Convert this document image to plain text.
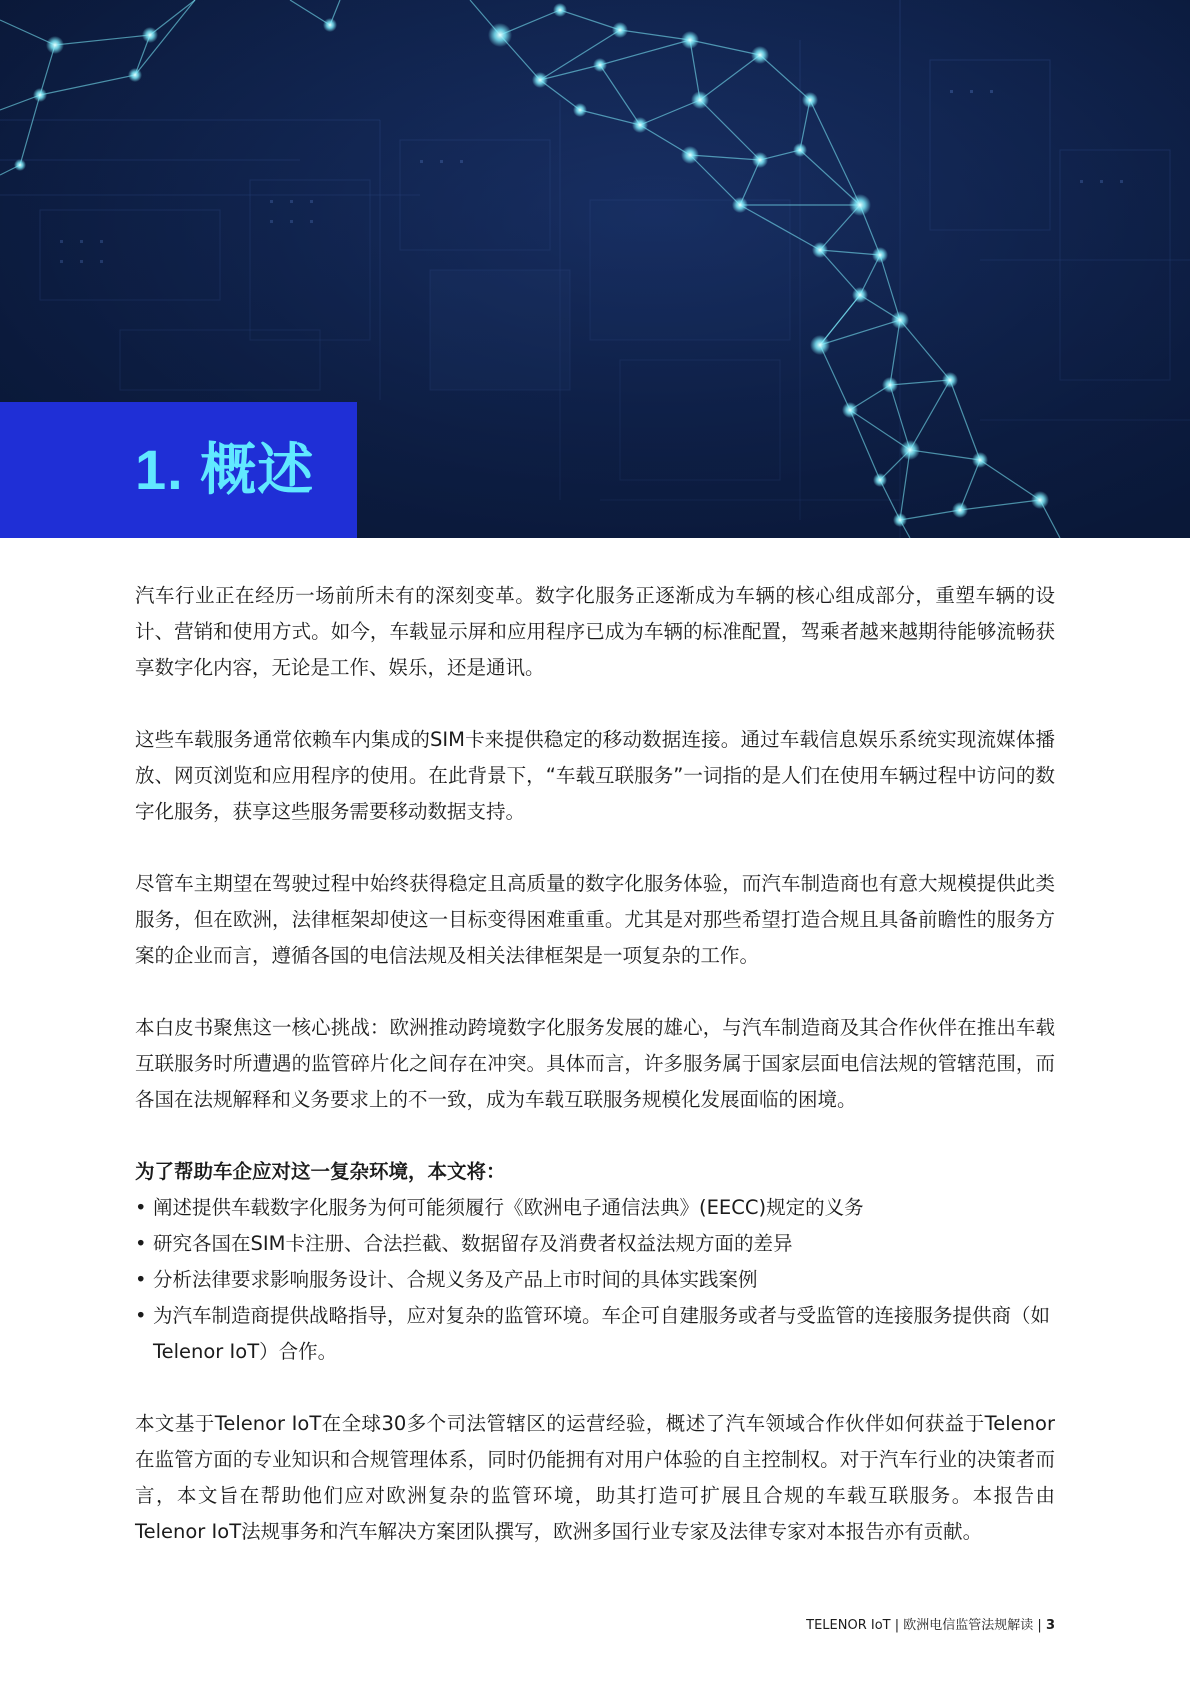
1. 概述

汽车行业正在经历一场前所未有的深刻变革。数字化服务正逐渐成为车辆的核心组成部分，重塑车辆的设计、营销和使用方式。如今，车载显示屏和应用程序已成为车辆的标准配置，驾乘者越来越期待能够流畅获享数字化内容，无论是工作、娱乐，还是通讯。

这些车载服务通常依赖车内集成的SIM卡来提供稳定的移动数据连接。通过车载信息娱乐系统实现流媒体播放、网页浏览和应用程序的使用。在此背景下，“车载互联服务”一词指的是人们在使用车辆过程中访问的数字化服务，获享这些服务需要移动数据支持。

尽管车主期望在驾驶过程中始终获得稳定且高质量的数字化服务体验，而汽车制造商也有意大规模提供此类服务，但在欧洲，法律框架却使这一目标变得困难重重。尤其是对那些希望打造合规且具备前瞻性的服务方案的企业而言，遵循各国的电信法规及相关法律框架是一项复杂的工作。

本白皮书聚焦这一核心挑战：欧洲推动跨境数字化服务发展的雄心，与汽车制造商及其合作伙伴在推出车载互联服务时所遭遇的监管碎片化之间存在冲突。具体而言，许多服务属于国家层面电信法规的管辖范围，而各国在法规解释和义务要求上的不一致，成为车载互联服务规模化发展面临的困境。

为了帮助车企应对这一复杂环境，本文将：

• 阐述提供车载数字化服务为何可能须履行《欧洲电子通信法典》(EECC)规定的义务
• 研究各国在SIM卡注册、合法拦截、数据留存及消费者权益法规方面的差异
• 分析法律要求影响服务设计、合规义务及产品上市时间的具体实践案例
• 为汽车制造商提供战略指导，应对复杂的监管环境。车企可自建服务或者与受监管的连接服务提供商（如Telenor IoT）合作。

本文基于Telenor IoT在全球30多个司法管辖区的运营经验，概述了汽车领域合作伙伴如何获益于Telenor在监管方面的专业知识和合规管理体系，同时仍能拥有对用户体验的自主控制权。对于汽车行业的决策者而言，本文旨在帮助他们应对欧洲复杂的监管环境，助其打造可扩展且合规的车载互联服务。本报告由Telenor IoT法规事务和汽车解决方案团队撰写，欧洲多国行业专家及法律专家对本报告亦有贡献。

TELENOR IoT | 欧洲电信监管法规解读 | 3
